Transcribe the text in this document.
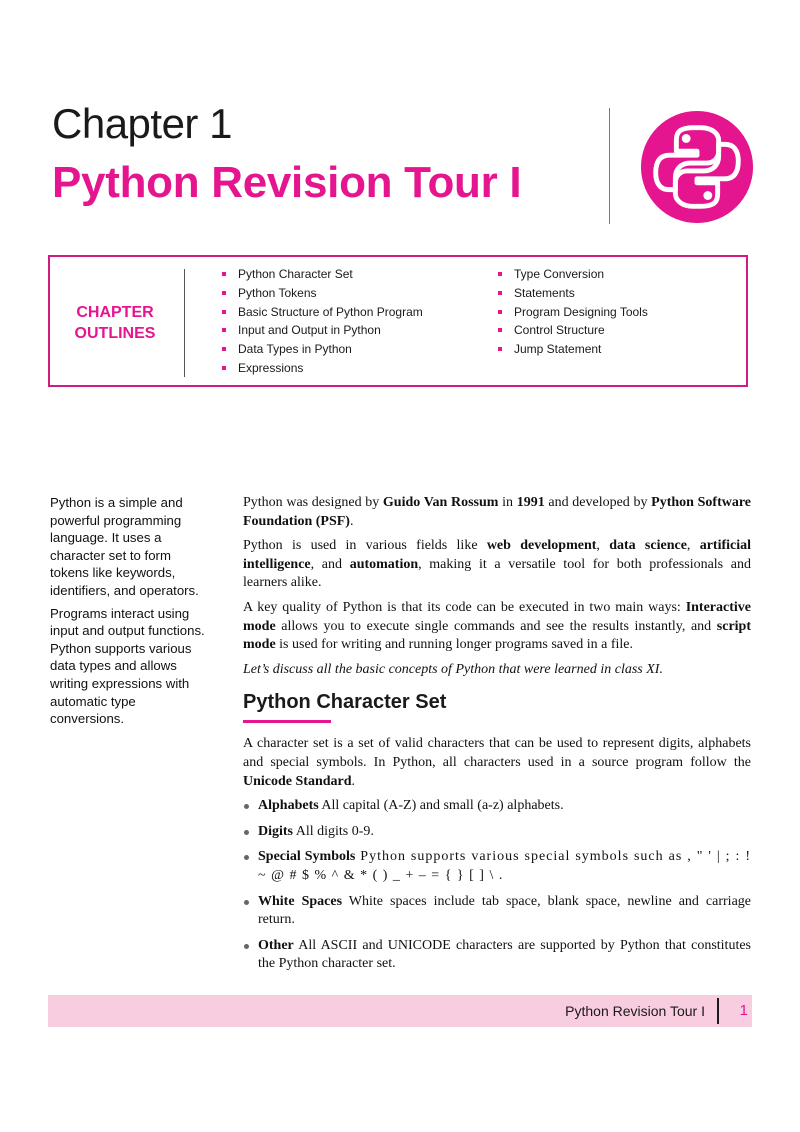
Chapter 1
Python Revision Tour I
CHAPTER
OUTLINES
Python Character Set
Python Tokens
Basic Structure of Python Program
Input and Output in Python
Data Types in Python
Expressions
Type Conversion
Statements
Program Designing Tools
Control Structure
Jump Statement

Python is a simple and powerful programming language. It uses a character set to form tokens like keywords, identifiers, and operators.

Programs interact using input and output functions. Python supports various data types and allows writing expressions with automatic type conversions.

Python was designed by Guido Van Rossum in 1991 and developed by Python Software Foundation (PSF).

Python is used in various fields like web development, data science, artificial intelligence, and automation, making it a versatile tool for both professionals and learners alike.

A key quality of Python is that its code can be executed in two main ways: Interactive mode allows you to execute single commands and see the results instantly, and script mode is used for writing and running longer programs saved in a file.

Let’s discuss all the basic concepts of Python that were learned in class XI.

Python Character Set

A character set is a set of valid characters that can be used to represent digits, alphabets and special symbols. In Python, all characters used in a source program follow the Unicode Standard.

Alphabets All capital (A-Z) and small (a-z) alphabets.
Digits All digits 0-9.
Special Symbols Python supports various special symbols such as , " ' | ; : ! ~ @ # $ % ^ & * ( ) _ + – = { } [ ] \ .
White Spaces White spaces include tab space, blank space, newline and carriage return.
Other All ASCII and UNICODE characters are supported by Python that constitutes the Python character set.
Python Revision Tour I 1
